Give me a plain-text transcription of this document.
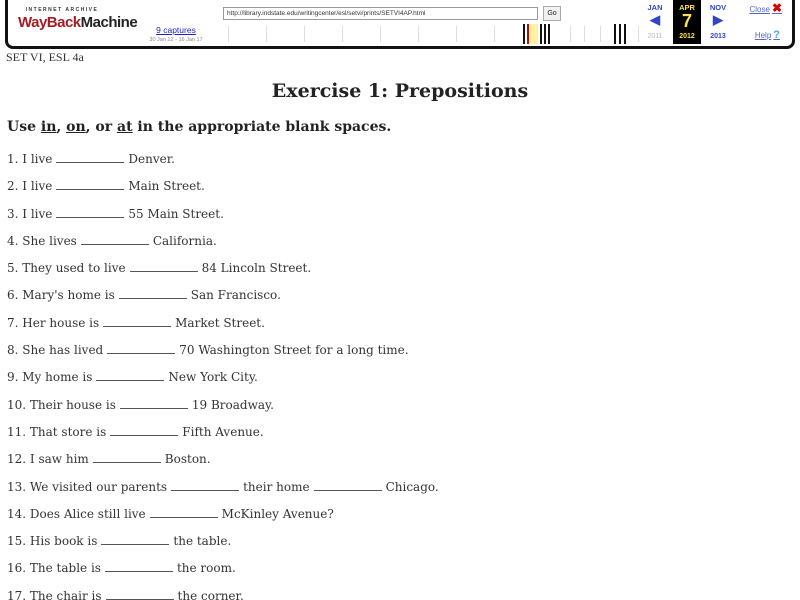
INTERNET ARCHIVE
WayBackMachine	9 captures
30 Jan 12 - 16 Jan 17
http://library.indstate.edu/writingcenter/esl/setvi/prints/SETVI4AP.html	Go
JAN
◀
2011
APR
7
2012
NOV
▶
2013
Close ✖
Help ?
SET VI, ESL 4a
Exercise 1: Prepositions
Use in, on, or at in the appropriate blank spaces.
1. I live	Denver.
2. I live	Main Street.
3. I live	55 Main Street.
4. She lives	California.
5. They used to live	84 Lincoln Street.
6. Mary's home is	San Francisco.
7. Her house is	Market Street.
8. She has lived	70 Washington Street for a long time.
9. My home is	New York City.
10. Their house is	19 Broadway.
11. That store is	Fifth Avenue.
12. I saw him	Boston.
13. We visited our parents	their home	Chicago.
14. Does Alice still live	McKinley Avenue?
15. His book is	the table.
16. The table is	the room.
17. The chair is	the corner.
